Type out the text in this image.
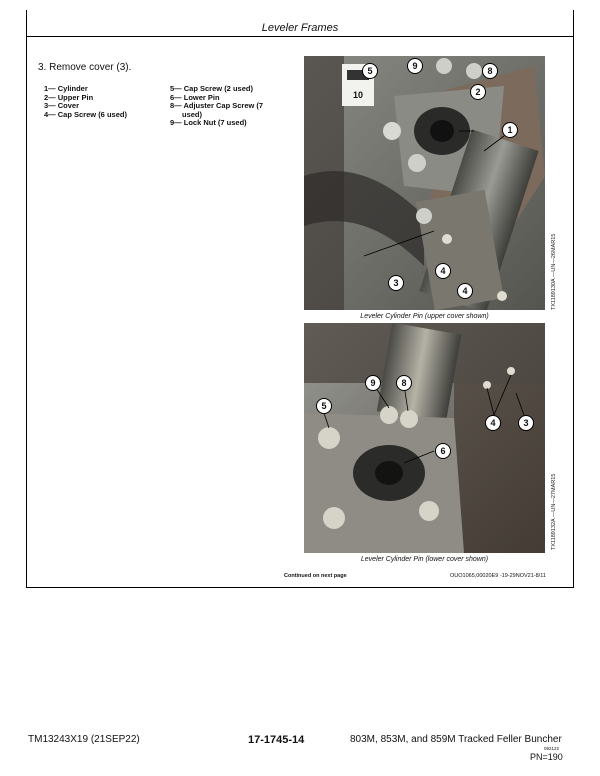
Leveler Frames
3. Remove cover (3).
1— Cylinder
2— Upper Pin
3— Cover
4— Cap Screw (6 used)
5— Cap Screw (2 used)
6— Lower Pin
8— Adjuster Cap Screw (7
used)
9— Lock Nut (7 used)
10
5	9	8
2
1
4
3
4
Leveler Cylinder Pin (upper cover shown)
TX1189130A —UN—26MAR15
9	8
5
4	3
6
Leveler Cylinder Pin (lower cover shown)
TX1189132A —UN—27MAR15
Continued on next page	OUO1065,00020E9 -19-29NOV21-8/11
TM13243X19 (21SEP22)	17-1745-14	803M, 853M, and 859M Tracked Feller Buncher
092122
PN=190
